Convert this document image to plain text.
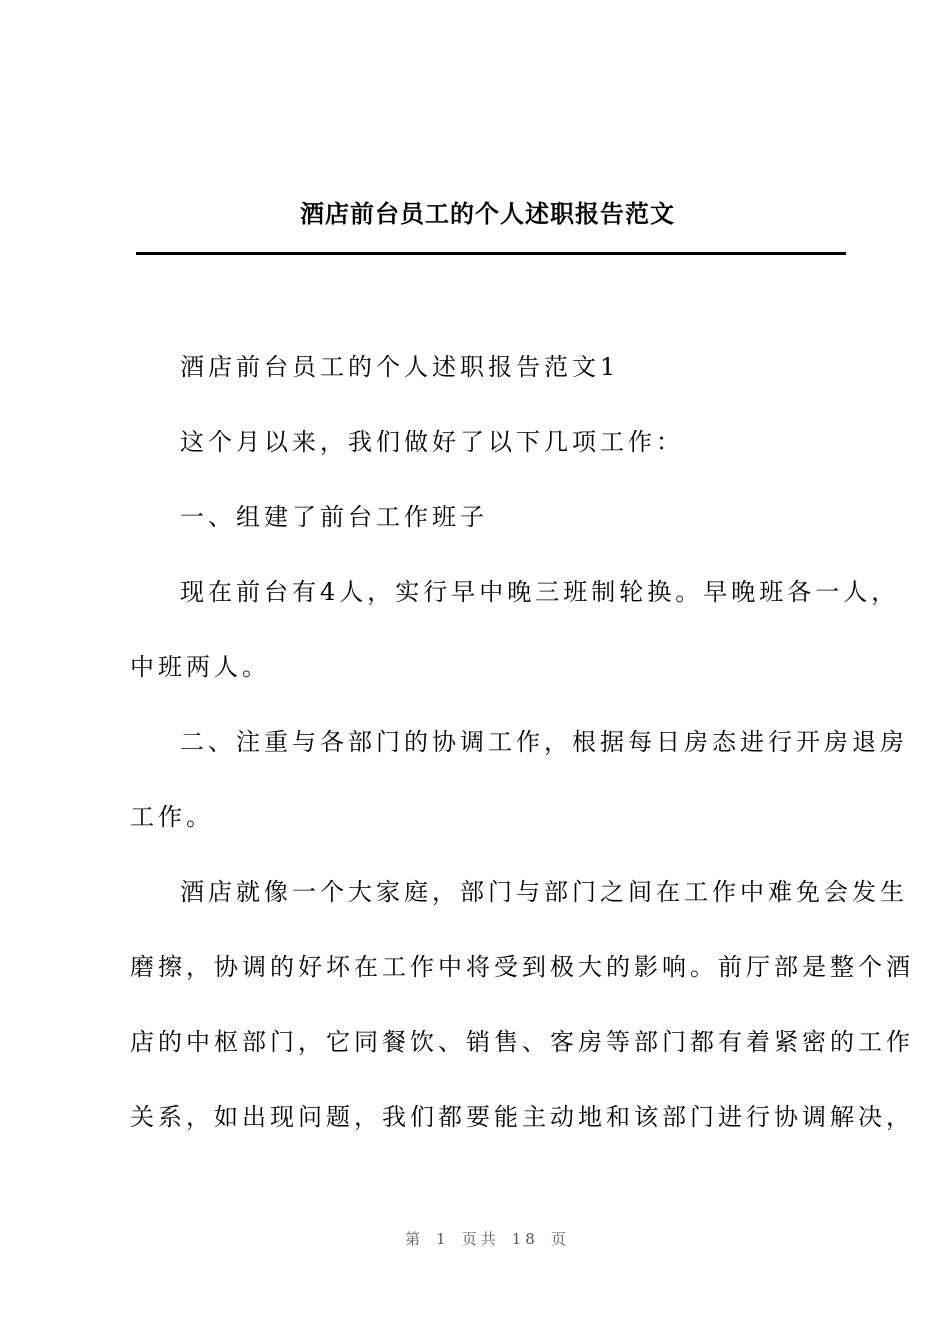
酒店前台员工的个人述职报告范文
酒店前台员工的个人述职报告范文1
这个月以来，我们做好了以下几项工作：
一、组建了前台工作班子
现在前台有4人，实行早中晚三班制轮换。早晚班各一人，
中班两人。
二、注重与各部门的协调工作，根据每日房态进行开房退房
工作。
酒店就像一个大家庭，部门与部门之间在工作中难免会发生
磨擦，协调的好坏在工作中将受到极大的影响。前厅部是整个酒
店的中枢部门，它同餐饮、销售、客房等部门都有着紧密的工作
关系，如出现问题，我们都要能主动地和该部门进行协调解决，
第 1 页共 18 页
